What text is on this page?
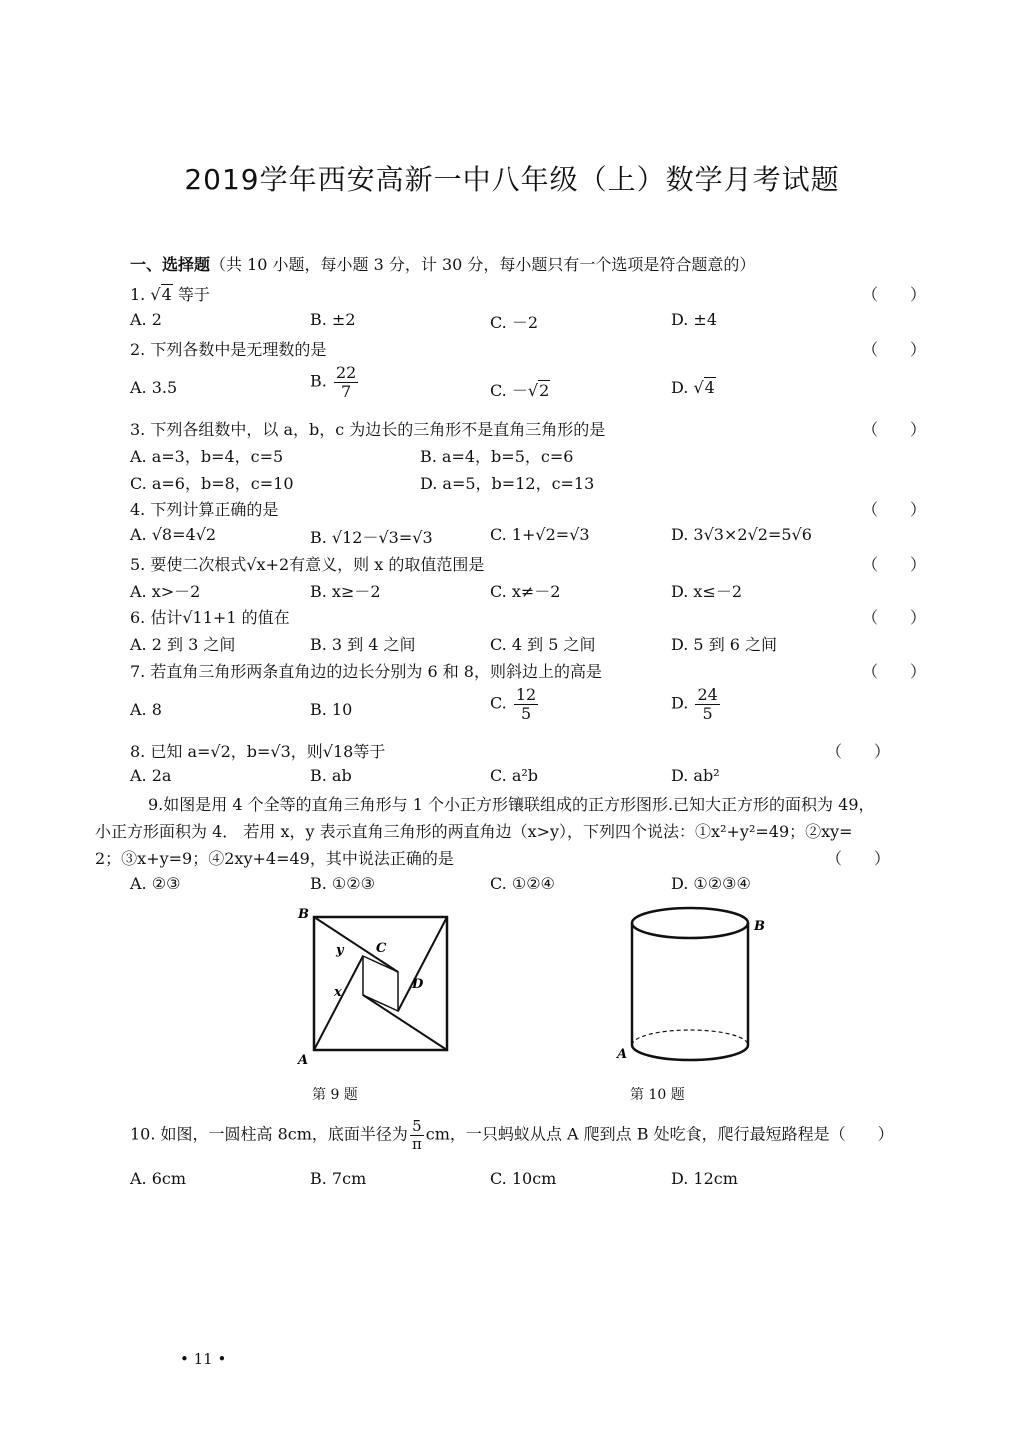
2019学年西安高新一中八年级（上）数学月考试题
一、选择题（共 10 小题，每小题 3 分，计 30 分，每小题只有一个选项是符合题意的）
1. √4 等于	（　　）
A. 2	B. ±2	C. －2	D. ±4
2. 下列各数中是无理数的是	（　　）
A. 3.5	B. $\frac{22}{7}$	C. －√2	D. √4
3. 下列各组数中，以 a，b，c 为边长的三角形不是直角三角形的是	（　　）
A. a=3，b=4，c=5	B. a=4，b=5，c=6
C. a=6，b=8，c=10	D. a=5，b=12，c=13
4. 下列计算正确的是	（　　）
A. √8=4√2	B. √12－√3=√3	C. 1+√2=√3	D. 3√3×2√2=5√6
5. 要使二次根式√x+2有意义，则 x 的取值范围是	（　　）
A. x>－2	B. x≥－2	C. x≠－2	D. x≤－2
6. 估计√11+1 的值在	（　　）
A. 2 到 3 之间	B. 3 到 4 之间	C. 4 到 5 之间	D. 5 到 6 之间
7. 若直角三角形两条直角边的边长分别为 6 和 8，则斜边上的高是	（　　）
A. 8	B. 10	C. $\frac{12}{5}$	D. $\frac{24}{5}$
8. 已知 a=√2，b=√3，则√18等于	（　　）
A. 2a	B. ab	C. a²b	D. ab²
9.如图是用 4 个全等的直角三角形与 1 个小正方形镶联组成的正方形图形.已知大正方形的面积为 49，
小正方形面积为 4． 若用 x，y 表示直角三角形的两直角边（x>y），下列四个说法：①x²+y²=49；②xy=
2；③x+y=9；④2xy+4=49，其中说法正确的是	（　　）
A. ②③	B. ①②③	C. ①②④	D. ①②③④
B
A
C
D
y
x
第 9 题
B
A
第 10 题
10. 如图，一圆柱高 8cm，底面半径为 $\frac{5}{\pi}$ cm，一只蚂蚁从点 A 爬到点 B 处吃食，爬行最短路程是（　　）
A. 6cm	B. 7cm	C. 10cm	D. 12cm
• 11 •
